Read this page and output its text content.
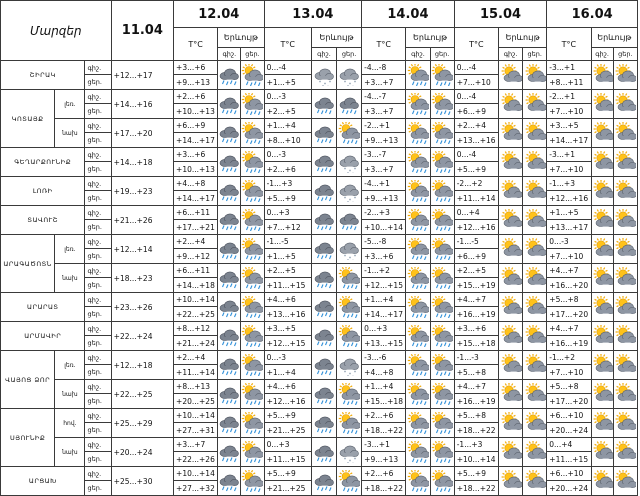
Մարզեր			11.04	12.04			13.04			14.04			15.04			16.04		
				T°C	Երևույթ		T°C	Երևույթ		T°C	Երևույթ		T°C	Երևույթ		T°C	Երևույթ	
					գիշ.	ցեր.		գիշ.	ցեր.		գիշ.	ցեր.		գիշ.	ցեր.		գիշ.	ցեր.
ՇԻՐԱԿ		գիշ.	+12...+17	+3...+6			0...-4			-4...-8			0...-4			-3...+1	

		ցեր.		+9...+13			+1...+5			+3...+7			+7...+10			+8...+11		
ԿՈՏԱՅՔ	լեռ.	գիշ.	+14...+16	+2...+6			0...-3			-4...-7			0...-4			-2...+1	

		ցեր.		+10...+13			+2...+5			+3...+7			+6...+9			+7...+10		
	նախ	գիշ.	+17...+20	+6...+9			+1...+4			-2...+1			+2...+4			+3...+5	

		ցեր.		+14...+17			+8...+10			+9...+13			+13...+16			+14...+17		
ԳԵՂԱՐՔՈՒՆԻՔ		գիշ.	+14...+18	+3...+6			0...-3			-3...-7			0...-4			-3...+1	

		ցեր.		+10...+13			+2...+6			+3...+7			+5...+9			+7...+10		
ԼՈՌԻ		գիշ.	+19...+23	+4...+8			-1...+3			-4...+1			-2...+2			-1...+3	

		ցեր.		+14...+17			+5...+9			+9...+13			+11...+14			+12...+16		
ՏԱՎՈՒՇ		գիշ.	+21...+26	+6...+11			0...+3			-2...+3			0...+4			+1...+5	

		ցեր.		+17...+21			+7...+12			+10...+14			+12...+16			+13...+17		
ԱՐԱԳԱԾՈՏՆ	լեռ.	գիշ.	+12...+14	+2...+4			-1...-5			-5...-8			-1...-5			0...-3	

		ցեր.		+9...+12			+1...+5			+3...+6			+6...+9			+7...+10		
	նախ	գիշ.	+18...+23	+6...+11			+2...+5			-1...+2			+2...+5			+4...+7	

		ցեր.		+14...+18			+11...+15			+12...+15			+15...+19			+16...+20		
ԱՐԱՐԱՏ		գիշ.	+23...+26	+10...+14			+4...+6			+1...+4			+4...+7			+5...+8	

		ցեր.		+22...+25			+13...+16			+14...+17			+16...+19			+17...+20		
ԱՐՄԱՎԻՐ		գիշ.	+22...+24	+8...+12			+3...+5			0...+3			+3...+6			+4...+7	

		ցեր.		+21...+24			+12...+15			+13...+15			+15...+18			+16...+19		
ՎԱՅՈՑ ՁՈՐ	լեռ.	գիշ.	+12...+18	+2...+4			0...-3			-3...-6			-1...-3			-1...+2	

		ցեր.		+11...+14			+1...+4			+4...+8			+5...+8			+7...+10		
	նախ	գիշ.	+22...+25	+8...+13			+4...+6			+1...+4			+4...+7			+5...+8	

		ցեր.		+20...+25			+12...+16			+15...+18			+16...+19			+17...+20		
ՍՅՈՒՆԻՔ	հով.	գիշ.	+25...+29	+10...+14			+5...+9			+2...+6			+5...+8			+6...+10	

		ցեր.		+27...+31			+21...+25			+18...+22			+18...+22			+20...+24		
	նախ	գիշ.	+20...+24	+3...+7			0...+3			-3...+1			-1...+3			0...+4	

		ցեր.		+22...+26			+11...+15			+9...+13			+10...+14			+11...+15		
ԱՐՑԱԽ		գիշ.	+25...+30	+10...+14			+5...+9			+2...+6			+5...+9			+6...+10	

		ցեր.		+27...+32			+21...+25			+18...+22			+18...+22			+20...+24		
